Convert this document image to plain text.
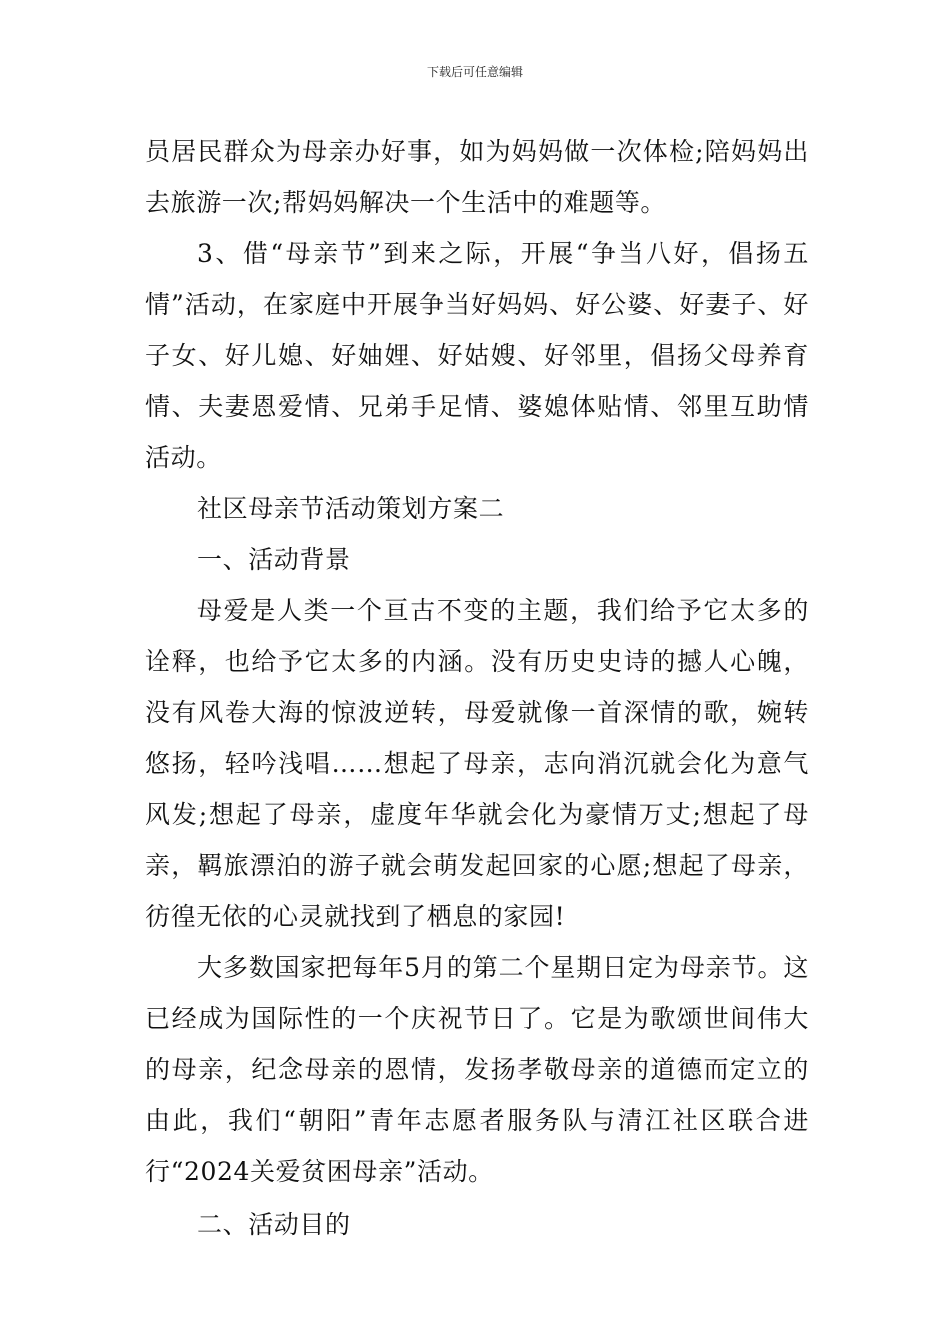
下载后可任意编辑

员居民群众为母亲办好事，如为妈妈做一次体检;陪妈妈出去旅游一次;帮妈妈解决一个生活中的难题等。

3、借“母亲节”到来之际，开展“争当八好，倡扬五情”活动，在家庭中开展争当好妈妈、好公婆、好妻子、好子女、好儿媳、好妯娌、好姑嫂、好邻里，倡扬父母养育情、夫妻恩爱情、兄弟手足情、婆媳体贴情、邻里互助情活动。

社区母亲节活动策划方案二

一、活动背景

母爱是人类一个亘古不变的主题，我们给予它太多的诠释，也给予它太多的内涵。没有历史史诗的撼人心魄，没有风卷大海的惊波逆转，母爱就像一首深情的歌，婉转悠扬，轻吟浅唱……想起了母亲，志向消沉就会化为意气风发;想起了母亲，虚度年华就会化为豪情万丈;想起了母亲，羁旅漂泊的游子就会萌发起回家的心愿;想起了母亲，彷徨无依的心灵就找到了栖息的家园!

大多数国家把每年5月的第二个星期日定为母亲节。这已经成为国际性的一个庆祝节日了。它是为歌颂世间伟大的母亲，纪念母亲的恩情，发扬孝敬母亲的道德而定立的由此，我们“朝阳”青年志愿者服务队与清江社区联合进行“2024关爱贫困母亲”活动。

二、活动目的
